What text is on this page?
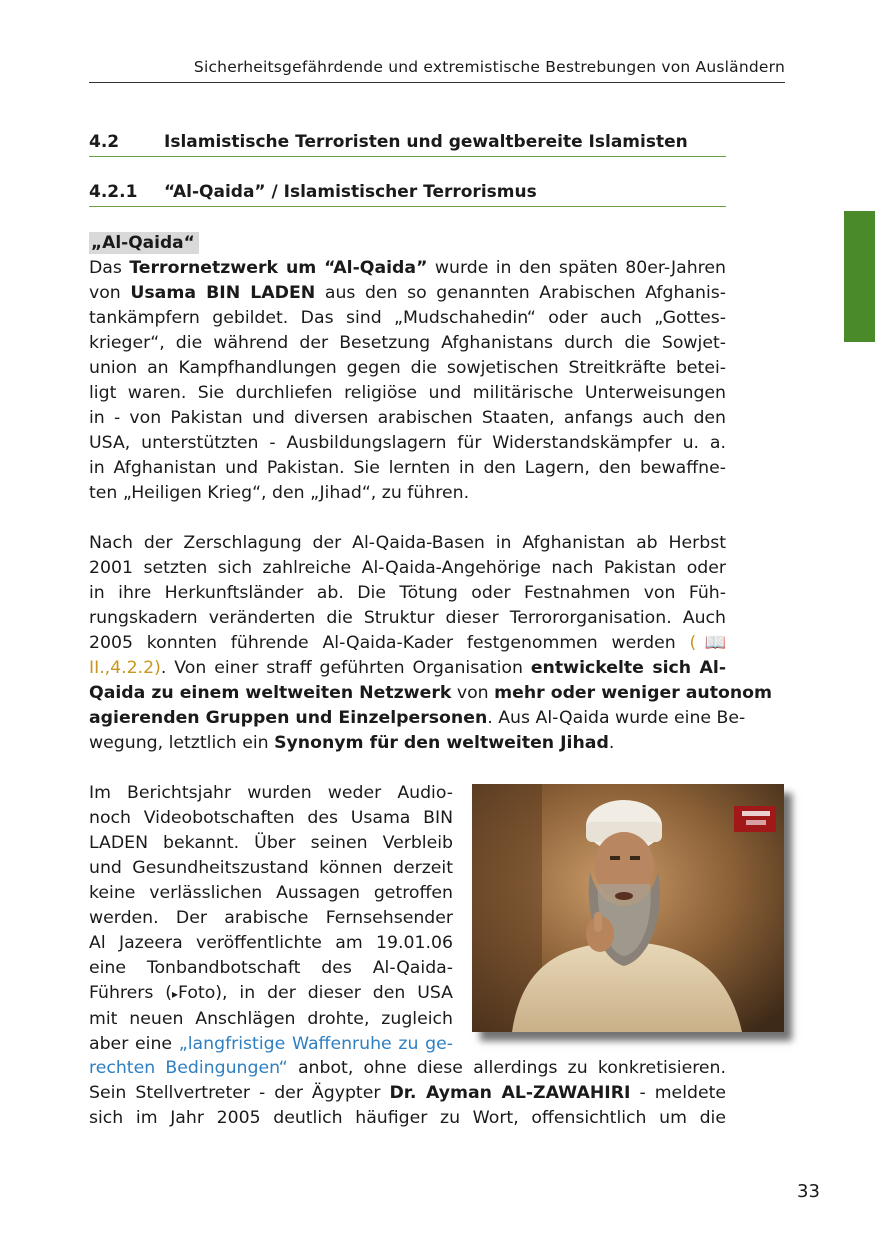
Sicherheitsgefährdende und extremistische Bestrebungen von Ausländern
4.2	Islamistische Terroristen und gewaltbereite Islamisten
4.2.1	“Al-Qaida” / Islamistischer Terrorismus
„Al-Qaida“
Das Terrornetzwerk um “Al-Qaida” wurde in den späten 80er-Jahren
von Usama BIN LADEN aus den so genannten Arabischen Afghanis-
tankämpfern gebildet. Das sind „Mudschahedin“ oder auch „Gottes-
krieger“, die während der Besetzung Afghanistans durch die Sowjet-
union an Kampfhandlungen gegen die sowjetischen Streitkräfte betei-
ligt waren. Sie durchliefen religiöse und militärische Unterweisungen
in - von Pakistan und diversen arabischen Staaten, anfangs auch den
USA, unterstützten - Ausbildungslagern für Widerstandskämpfer u. a.
in Afghanistan und Pakistan. Sie lernten in den Lagern, den bewaffne-
ten „Heiligen Krieg“, den „Jihad“, zu führen.
Nach der Zerschlagung der Al-Qaida-Basen in Afghanistan ab Herbst
2001 setzten sich zahlreiche Al-Qaida-Angehörige nach Pakistan oder
in ihre Herkunftsländer ab. Die Tötung oder Festnahmen von Füh-
rungskadern veränderten die Struktur dieser Terrororganisation. Auch
2005 konnten führende Al-Qaida-Kader festgenommen werden (📖
II.,4.2.2). Von einer straff geführten Organisation entwickelte sich Al-
Qaida zu einem weltweiten Netzwerk von mehr oder weniger autonom
agierenden Gruppen und Einzelpersonen. Aus Al-Qaida wurde eine Be-
wegung, letztlich ein Synonym für den weltweiten Jihad.
Im Berichtsjahr wurden weder Audio-
noch Videobotschaften des Usama BIN
LADEN bekannt. Über seinen Verbleib
und Gesundheitszustand können derzeit
keine verlässlichen Aussagen getroffen
werden. Der arabische Fernsehsender
Al Jazeera veröffentlichte am 19.01.06
eine Tonbandbotschaft des Al-Qaida-
Führers (▸Foto), in der dieser den USA
mit neuen Anschlägen drohte, zugleich
aber eine „langfristige Waffenruhe zu ge-
rechten Bedingungen“ anbot, ohne diese allerdings zu konkretisieren.
Sein Stellvertreter - der Ägypter Dr. Ayman AL-ZAWAHIRI - meldete
sich im Jahr 2005 deutlich häufiger zu Wort, offensichtlich um die
33
